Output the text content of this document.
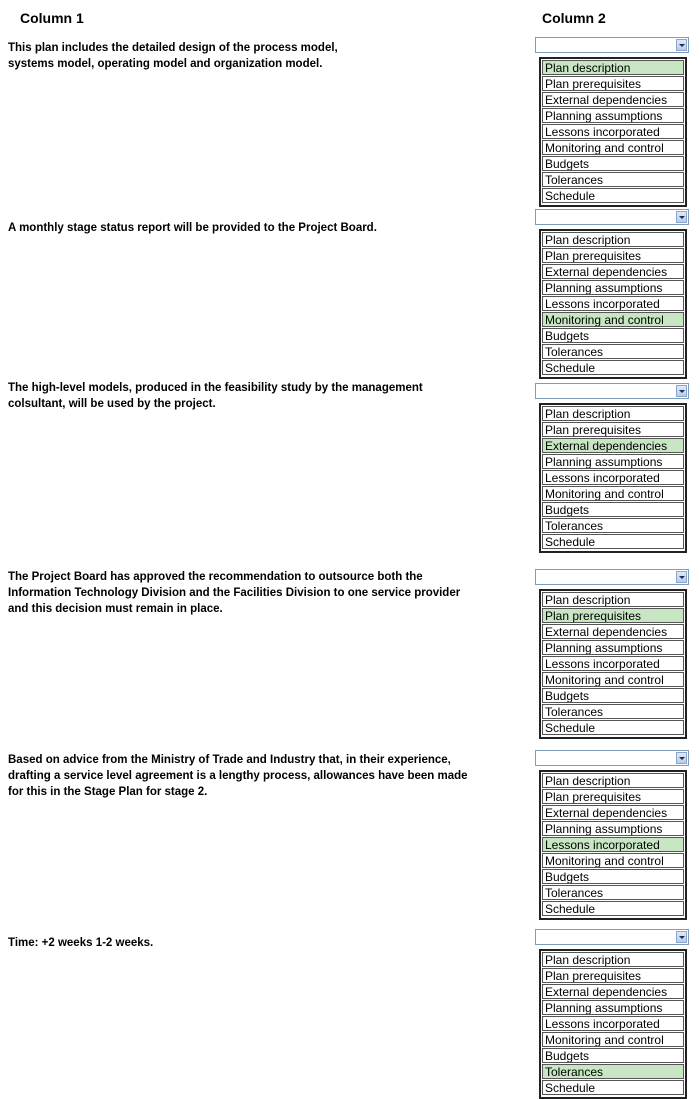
Column 1	Column 2
This plan includes the detailed design of the process model,
systems model, operating model and organization model.	Plan description
Plan prerequisites
External dependencies
Planning assumptions
Lessons incorporated
Monitoring and control
Budgets
Tolerances
Schedule
A monthly stage status report will be provided to the Project Board.
Plan description
Plan prerequisites
External dependencies
Planning assumptions
Lessons incorporated
Monitoring and control
Budgets
Tolerances
Schedule
The high-level models, produced in the feasibility study by the management
colsultant, will be used by the project.
Plan description
Plan prerequisites
External dependencies
Planning assumptions
Lessons incorporated
Monitoring and control
Budgets
Tolerances
Schedule
The Project Board has approved the recommendation to outsource both the
Information Technology Division and the Facilities Division to one service provider
and this decision must remain in place.
Plan description
Plan prerequisites
External dependencies
Planning assumptions
Lessons incorporated
Monitoring and control
Budgets
Tolerances
Schedule
Based on advice from the Ministry of Trade and Industry that, in their experience,
drafting a service level agreement is a lengthy process, allowances have been made
for this in the Stage Plan for stage 2.
Plan description
Plan prerequisites
External dependencies
Planning assumptions
Lessons incorporated
Monitoring and control
Budgets
Tolerances
Schedule
Time: +2 weeks 1-2 weeks.
Plan description
Plan prerequisites
External dependencies
Planning assumptions
Lessons incorporated
Monitoring and control
Budgets
Tolerances
Schedule
